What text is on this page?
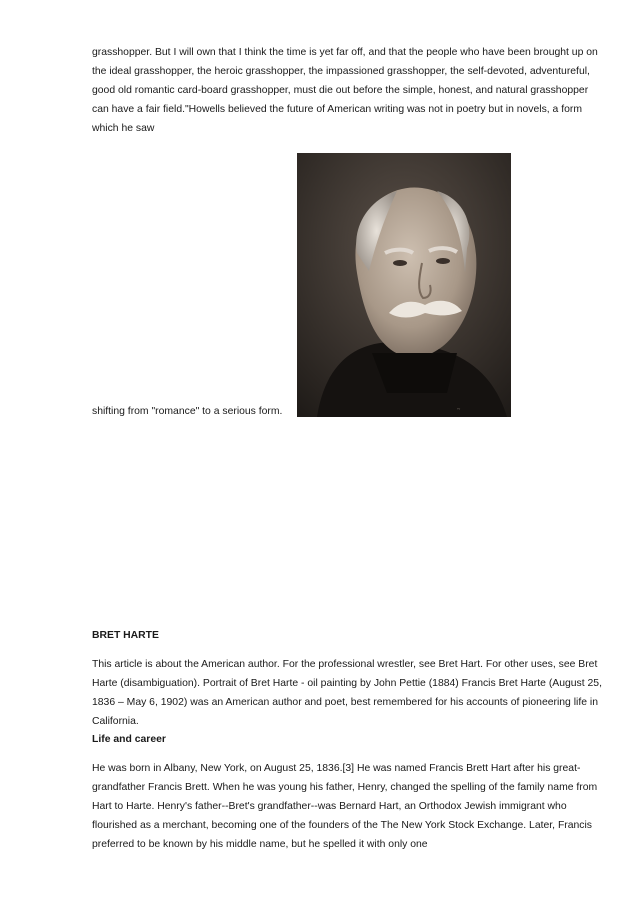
grasshopper. But I will own that I think the time is yet far off, and that the people who have been brought up on the ideal grasshopper, the heroic grasshopper, the impassioned grasshopper, the self-devoted, adventureful, good old romantic card-board grasshopper, must die out before the simple, honest, and natural grasshopper can have a fair field."Howells believed the future of American writing was not in poetry but in novels, a form which he saw

~

shifting from "romance" to a serious form.

BRET HARTE

This article is about the American author. For the professional wrestler, see Bret Hart. For other uses, see Bret Harte (disambiguation). Portrait of Bret Harte - oil painting by John Pettie (1884) Francis Bret Harte (August 25, 1836 – May 6, 1902) was an American author and poet, best remembered for his accounts of pioneering life in California.

Life and career

He was born in Albany, New York, on August 25, 1836.[3] He was named Francis Brett Hart after his great-grandfather Francis Brett. When he was young his father, Henry, changed the spelling of the family name from Hart to Harte. Henry's father--Bret's grandfather--was Bernard Hart, an Orthodox Jewish immigrant who flourished as a merchant, becoming one of the founders of the The New York Stock Exchange. Later, Francis preferred to be known by his middle name, but he spelled it with only one
